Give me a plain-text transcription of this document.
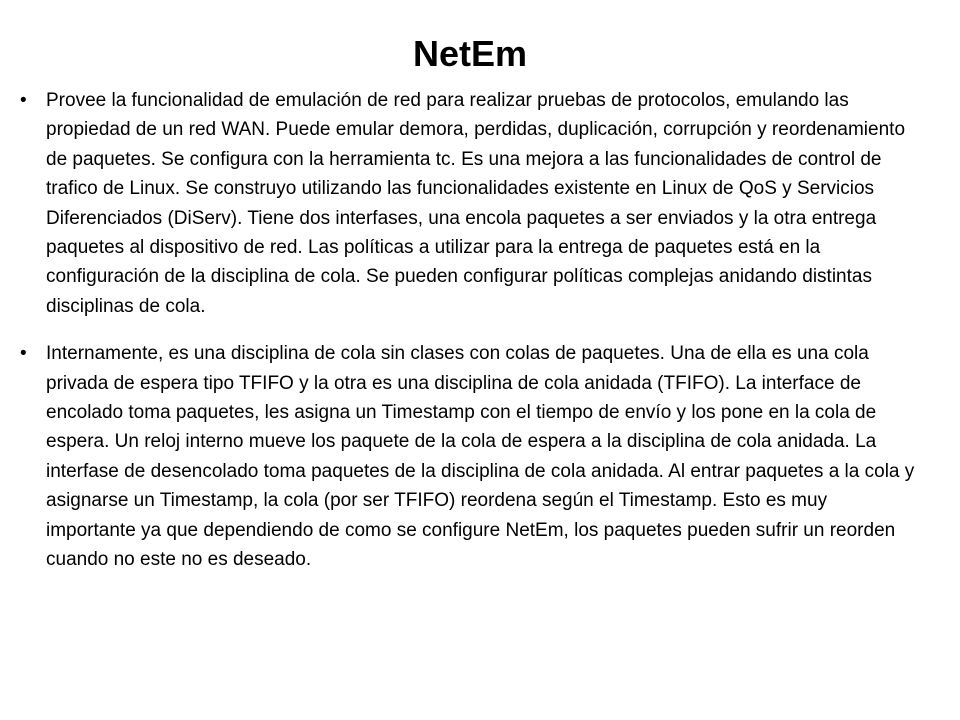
NetEm
•	Provee la funcionalidad de emulación de red para realizar pruebas de protocolos, emulando las propiedad de un red WAN. Puede emular demora, perdidas, duplicación, corrupción y reordenamiento de paquetes. Se configura con la herramienta tc. Es una mejora a las funcionalidades de control de trafico de Linux. Se construyo utilizando las funcionalidades existente en Linux de QoS y Servicios Diferenciados (DiServ). Tiene dos interfases, una encola paquetes a ser enviados y la otra entrega paquetes al dispositivo de red. Las políticas a utilizar para la entrega de paquetes está en la configuración de la disciplina de cola. Se pueden configurar políticas complejas anidando distintas disciplinas de cola.
•	Internamente, es una disciplina de cola sin clases con colas de paquetes. Una de ella es una cola privada de espera tipo TFIFO y la otra es una disciplina de cola anidada (TFIFO). La interface de encolado toma paquetes, les asigna un Timestamp con el tiempo de envío y los pone en la cola de espera. Un reloj interno mueve los paquete de la cola de espera a la disciplina de cola anidada. La interfase de desencolado toma paquetes de la disciplina de cola anidada. Al entrar paquetes a la cola y asignarse un Timestamp, la cola (por ser TFIFO) reordena según el Timestamp. Esto es muy importante ya que dependiendo de como se configure NetEm, los paquetes pueden sufrir un reorden cuando no este no es deseado.
